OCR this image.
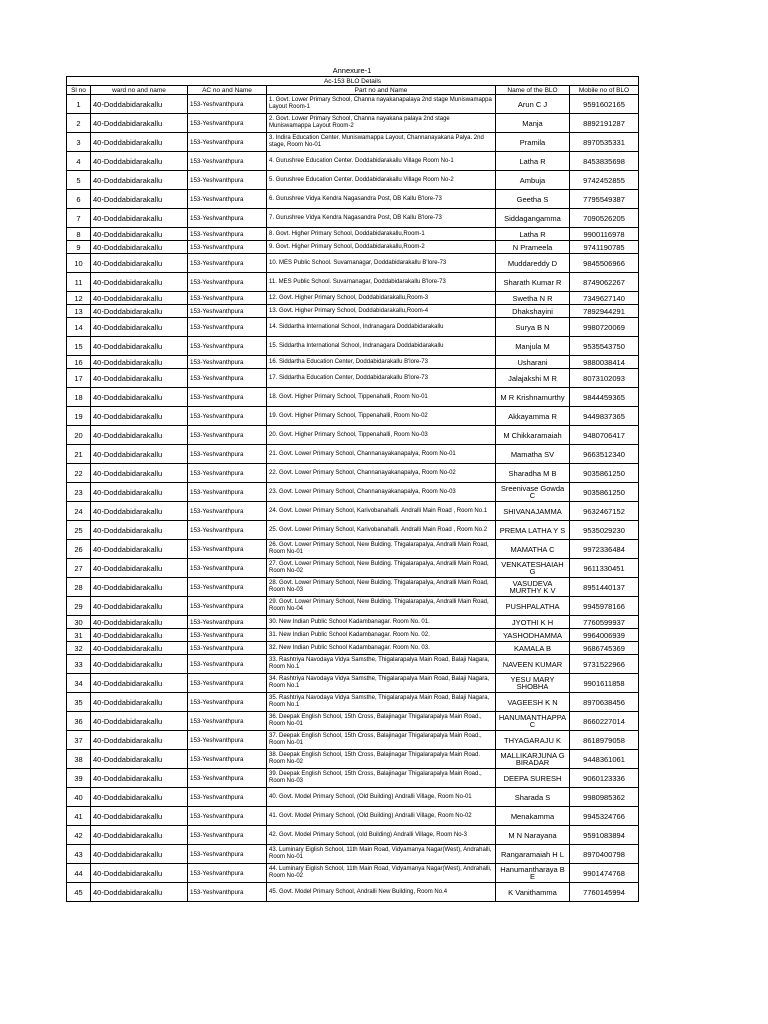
Annexure-1
Ac-153 BLO Details					
Sl no	ward no and name	AC no and Name	Part no and Name	Name of the BLO	Mobile no of BLO
1	40-Doddabidarakallu	153-Yeshvanthpura	1. Govt. Lower Primary School, Channa nayakanapalaya 2nd stage Muniswamappa Layout Room-1	Arun C J	9591602165
2	40-Doddabidarakallu	153-Yeshvanthpura	2. Govt. Lower Primary School, Channa nayakana palaya 2nd stage Muniswamappa Layout Room-2	Manja	8892191287
3	40-Doddabidarakallu	153-Yeshvanthpura	3. Indira Education Center. Muniswamappa Layout, Channanayakana Palya. 2nd stage, Room No-01	Pramila	8970535331
4	40-Doddabidarakallu	153-Yeshvanthpura	4. Gurushree Education Center. Doddabidarakallu Village Room No-1	Latha R	8453835698
5	40-Doddabidarakallu	153-Yeshvanthpura	5. Gurushree Education Center. Doddabidarakallu Village Room No-2	Ambuja	9742452855
6	40-Doddabidarakallu	153-Yeshvanthpura	6. Gurushree Vidya Kendra Nagasandra Post, DB Kallu B'lore-73	Geetha S	7795549387
7	40-Doddabidarakallu	153-Yeshvanthpura	7. Gurushree Vidya Kendra Nagasandra Post, DB Kallu B'lore-73	Siddagangamma	7090526205
8	40-Doddabidarakallu	153-Yeshvanthpura	8. Govt. Higher Primary School, Doddabidarakallu,Room-1	Latha R	9900116978
9	40-Doddabidarakallu	153-Yeshvanthpura	9. Govt. Higher Primary School, Doddabidarakallu,Room-2	N Prameela	9741190785
10	40-Doddabidarakallu	153-Yeshvanthpura	10. MES Public School. Suvarnanagar, Doddabidarakallu B'lore-73	Muddareddy D	9845506966
11	40-Doddabidarakallu	153-Yeshvanthpura	11. MES Public School. Suvarnanagar, Doddabidarakallu B'lore-73	Sharath Kumar R	8749062267
12	40-Doddabidarakallu	153-Yeshvanthpura	12. Govt. Higher Primary School, Doddabidarakallu,Room-3	Swetha N R	7349627140
13	40-Doddabidarakallu	153-Yeshvanthpura	13. Govt. Higher Primary School, Doddabidarakallu,Room-4	Dhakshayini	7892944291
14	40-Doddabidarakallu	153-Yeshvanthpura	14. Siddartha International School, Indranagara Doddabidarakallu	Surya B N	9980720069
15	40-Doddabidarakallu	153-Yeshvanthpura	15. Siddartha International School, Indranagara Doddabidarakallu	Manjula M	9535543750
16	40-Doddabidarakallu	153-Yeshvanthpura	16. Siddartha Education Center, Doddabidarakallu B'lore-73	Usharani	9880038414
17	40-Doddabidarakallu	153-Yeshvanthpura	17. Siddartha Education Center, Doddabidarakallu B'lore-73	Jalajakshi M R	8073102093
18	40-Doddabidarakallu	153-Yeshvanthpura	18. Govt. Higher Primary School, Tippenahalli, Room No-01	M R Krishnamurthy	9844459365
19	40-Doddabidarakallu	153-Yeshvanthpura	19. Govt. Higher Primary School, Tippenahalli, Room No-02	Akkayamma R	9449837365
20	40-Doddabidarakallu	153-Yeshvanthpura	20. Govt. Higher Primary School, Tippenahalli, Room No-03	M Chikkaramaiah	9480706417
21	40-Doddabidarakallu	153-Yeshvanthpura	21. Govt. Lower Primary School, Channanayakanapalya, Room No-01	Mamatha SV	9663512340
22	40-Doddabidarakallu	153-Yeshvanthpura	22. Govt. Lower Primary School, Channanayakanapalya, Room No-02	Sharadha M B	9035861250
23	40-Doddabidarakallu	153-Yeshvanthpura	23. Govt. Lower Primary School, Channanayakanapalya, Room No-03	Sreenivase Gowda C	9035861250
24	40-Doddabidarakallu	153-Yeshvanthpura	24. Govt. Lower Primary School, Karivobanahalli. Andralli Main Road , Room No.1	SHIVANAJAMMA	9632467152
25	40-Doddabidarakallu	153-Yeshvanthpura	25. Govt. Lower Primary School, Karivobanahalli. Andralli Main Road , Room No.2	PREMA LATHA Y S	9535029230
26	40-Doddabidarakallu	153-Yeshvanthpura	26. Govt. Lower Primary School, New Bulding. Thigalarapalya, Andralli Main Road, Room No-01	MAMATHA C	9972336484
27	40-Doddabidarakallu	153-Yeshvanthpura	27. Govt. Lower Primary School, New Bulding. Thigalarapalya, Andralli Main Road, Room No-02	VENKATESHAIAH G	9611330451
28	40-Doddabidarakallu	153-Yeshvanthpura	28. Govt. Lower Primary School, New Bulding. Thigalarapalya, Andralli Main Road, Room No-03	VASUDEVA MURTHY K V	8951440137
29	40-Doddabidarakallu	153-Yeshvanthpura	29. Govt. Lower Primary School, New Bulding. Thigalarapalya, Andralli Main Road, Room No-04	PUSHPALATHA	9945978166
30	40-Doddabidarakallu	153-Yeshvanthpura	30. New Indian Public School Kadambanagar. Room No. 01.	JYOTHI K H	7760599937
31	40-Doddabidarakallu	153-Yeshvanthpura	31. New Indian Public School Kadambanagar. Room No. 02.	YASHODHAMMA	9964006939
32	40-Doddabidarakallu	153-Yeshvanthpura	32. New Indian Public School Kadambanagar. Room No. 03.	KAMALA B	9686745369
33	40-Doddabidarakallu	153-Yeshvanthpura	33. Rashtriya Navodaya Vidya Samsthe, Thigalarapalya Main Road, Balaji Nagara, Room No.1	NAVEEN KUMAR	9731522966
34	40-Doddabidarakallu	153-Yeshvanthpura	34. Rashtriya Navodaya Vidya Samsthe, Thigalarapalya Main Road, Balaji Nagara, Room No.1	YESU MARY SHOBHA	9901611858
35	40-Doddabidarakallu	153-Yeshvanthpura	35. Rashtriya Navodaya Vidya Samsthe, Thigalarapalya Main Road, Balaji Nagara, Room No.1	VAGEESH K N	8970638456
36	40-Doddabidarakallu	153-Yeshvanthpura	36. Deepak English School, 15th Cross, Balajinagar Thigalarapalya Main Road., Room No-01	HANUMANTHAPPA C	8660227014
37	40-Doddabidarakallu	153-Yeshvanthpura	37. Deepak English School, 15th Cross, Balajinagar Thigalarapalya Main Road., Room No-01	THYAGARAJU K	8618979058
38	40-Doddabidarakallu	153-Yeshvanthpura	38. Deepak English School, 15th Cross, Balajinagar Thigalarapalya Main Road. Room No-02	MALLIKARJUNA G BIRADAR	9448361061
39	40-Doddabidarakallu	153-Yeshvanthpura	39. Deepak English School, 15th Cross, Balajinagar Thigalarapalya Main Road., Room No-03	DEEPA SURESH	9060123336
40	40-Doddabidarakallu	153-Yeshvanthpura	40. Govt. Model Primary School, (Old Building) Andralli Village, Room No-01	Sharada S	9980985362
41	40-Doddabidarakallu	153-Yeshvanthpura	41. Govt. Model Primary School, (Old Building) Andralli Village, Room No-02	Menakamma	9945324766
42	40-Doddabidarakallu	153-Yeshvanthpura	42. Govt. Model Primary School, (old Building) Andralli Village, Room No-3	M N Narayana	9591083894
43	40-Doddabidarakallu	153-Yeshvanthpura	43. Luminary Eiglish School, 11th Main Road, Vidyamanya Nagar(West), Andrahalli, Room No-01	Rangaramaiah H L	8970400798
44	40-Doddabidarakallu	153-Yeshvanthpura	44. Luminary Eiglish School, 11th Main Road, Vidyamanya Nagar(West), Andrahalli, Room No-02	Hanumantharaya B E	9901474768
45	40-Doddabidarakallu	153-Yeshvanthpura	45. Govt. Model Primary School, Andralli New Building, Room No.4	K Vanithamma	7760145994
